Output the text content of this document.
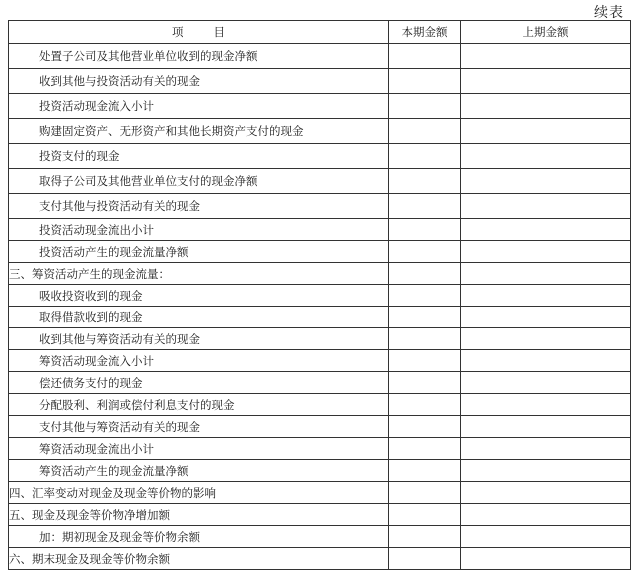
续表
项目	本期金额	上期金额
处置子公司及其他营业单位收到的现金净额		
收到其他与投资活动有关的现金		
投资活动现金流入小计		
购建固定资产、无形资产和其他长期资产支付的现金		
投资支付的现金		
取得子公司及其他营业单位支付的现金净额		
支付其他与投资活动有关的现金		
投资活动现金流出小计		
投资活动产生的现金流量净额		
三、筹资活动产生的现金流量：		
吸收投资收到的现金		
取得借款收到的现金		
收到其他与筹资活动有关的现金		
筹资活动现金流入小计		
偿还债务支付的现金		
分配股利、利润或偿付利息支付的现金		
支付其他与筹资活动有关的现金		
筹资活动现金流出小计		
筹资活动产生的现金流量净额		
四、汇率变动对现金及现金等价物的影响		
五、现金及现金等价物净增加额		
加：期初现金及现金等价物余额		
六、期末现金及现金等价物余额		
